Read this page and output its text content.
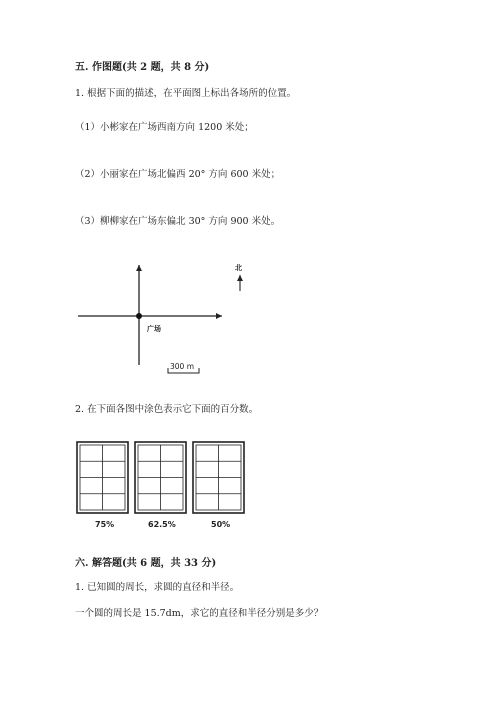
五. 作图题(共 2 题，共 8 分)
1. 根据下面的描述，在平面图上标出各场所的位置。
（1）小彬家在广场西南方向 1200 米处；
（2）小丽家在广场北偏西 20° 方向 600 米处；
（3）柳柳家在广场东偏北 30° 方向 900 米处。
北
广场
300 m
2. 在下面各图中涂色表示它下面的百分数。
75%	62.5%	50%
六. 解答题(共 6 题，共 33 分)
1. 已知圆的周长，求圆的直径和半径。
一个圆的周长是 15.7dm，求它的直径和半径分别是多少？
